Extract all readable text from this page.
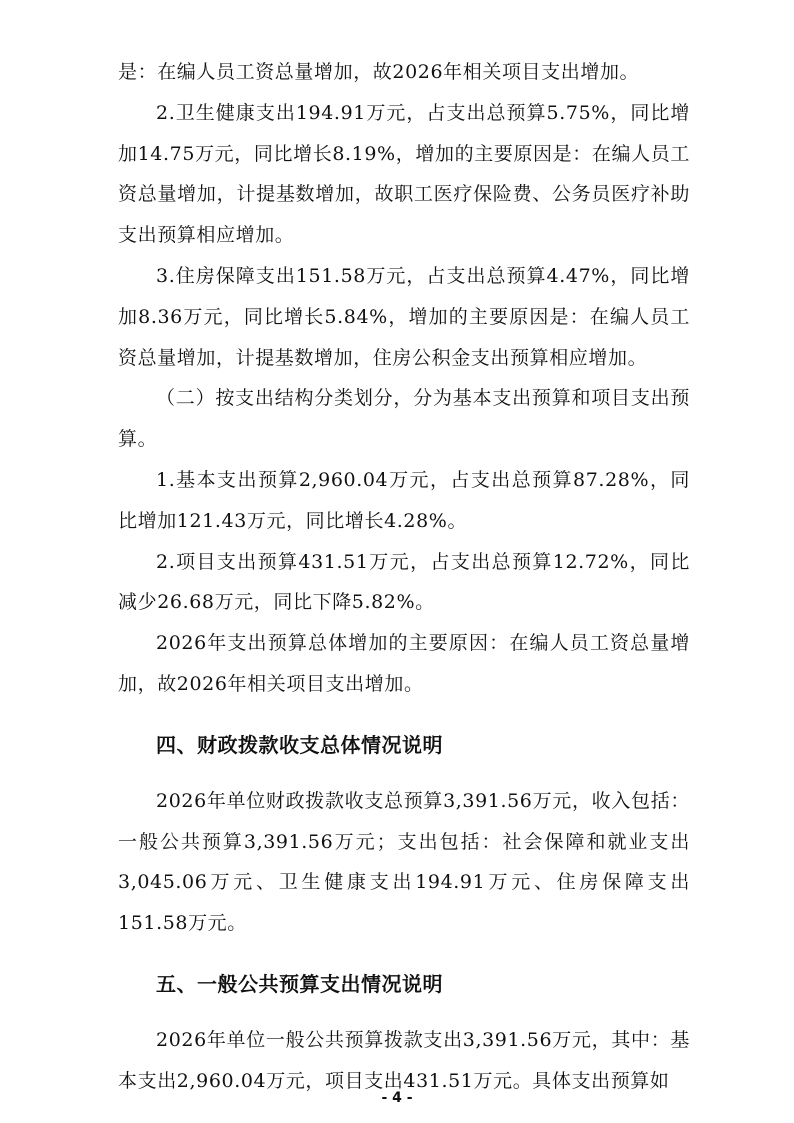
是：在编人员工资总量增加，故2026年相关项目支出增加。

2.卫生健康支出194.91万元，占支出总预算5.75%，同比增加14.75万元，同比增长8.19%，增加的主要原因是：在编人员工资总量增加，计提基数增加，故职工医疗保险费、公务员医疗补助支出预算相应增加。

3.住房保障支出151.58万元，占支出总预算4.47%，同比增加8.36万元，同比增长5.84%，增加的主要原因是：在编人员工资总量增加，计提基数增加，住房公积金支出预算相应增加。

（二）按支出结构分类划分，分为基本支出预算和项目支出预算。

1.基本支出预算2,960.04万元，占支出总预算87.28%，同比增加121.43万元，同比增长4.28%。

2.项目支出预算431.51万元，占支出总预算12.72%，同比减少26.68万元，同比下降5.82%。

2026年支出预算总体增加的主要原因：在编人员工资总量增加，故2026年相关项目支出增加。

四、财政拨款收支总体情况说明

2026年单位财政拨款收支总预算3,391.56万元，收入包括：一般公共预算3,391.56万元；支出包括：社会保障和就业支出3,045.06万元、卫生健康支出194.91万元、住房保障支出151.58万元。

五、一般公共预算支出情况说明

2026年单位一般公共预算拨款支出3,391.56万元，其中：基本支出2,960.04万元，项目支出431.51万元。具体支出预算如

- 4 -
